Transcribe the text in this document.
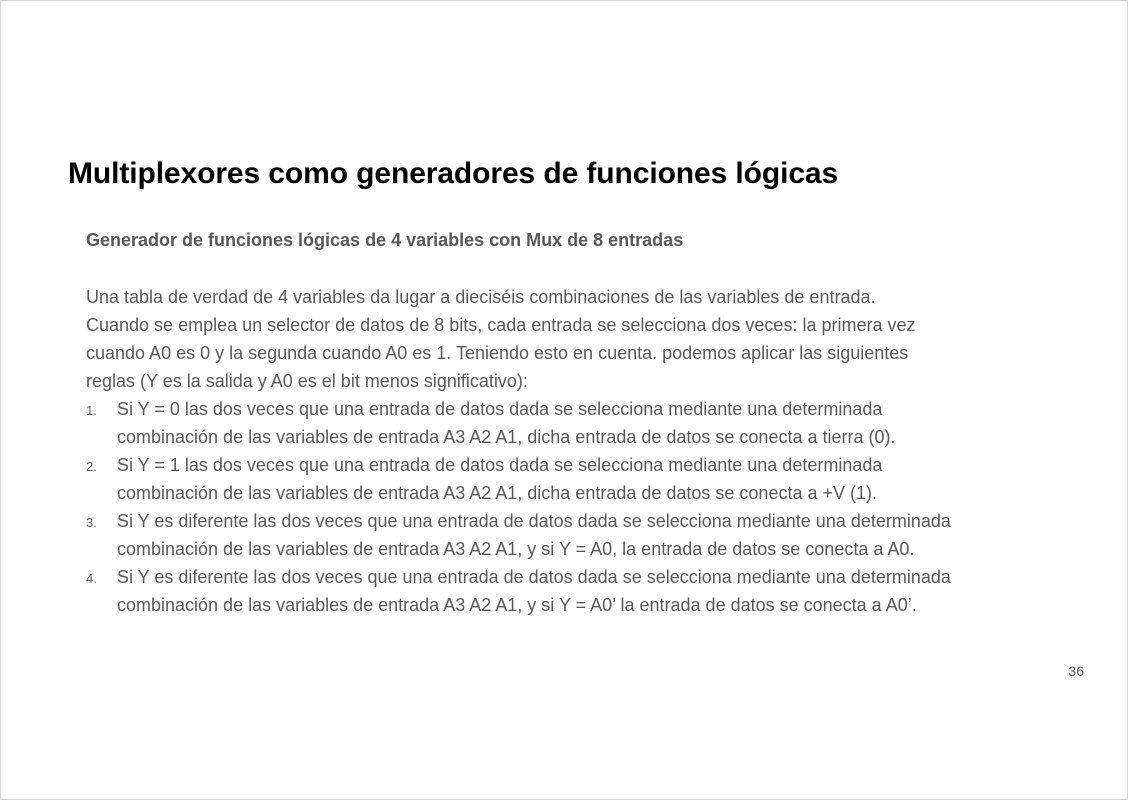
Multiplexores como generadores de funciones lógicas

Generador de funciones lógicas de 4 variables con Mux de 8 entradas

Una tabla de verdad de 4 variables da lugar a dieciséis combinaciones de las variables de entrada.
Cuando se emplea un selector de datos de 8 bits, cada entrada se selecciona dos veces: la primera vez
cuando A0 es 0 y la segunda cuando A0 es 1. Teniendo esto en cuenta. podemos aplicar las siguientes
reglas (Y es la salida y A0 es el bit menos significativo):

1. Si Y = 0 las dos veces que una entrada de datos dada se selecciona mediante una determinada
combinación de las variables de entrada A3 A2 A1, dicha entrada de datos se conecta a tierra (0).
2. Si Y = 1 las dos veces que una entrada de datos dada se selecciona mediante una determinada
combinación de las variables de entrada A3 A2 A1, dicha entrada de datos se conecta a +V (1).
3. Si Y es diferente las dos veces que una entrada de datos dada se selecciona mediante una determinada
combinación de las variables de entrada A3 A2 A1, y si Y = A0, la entrada de datos se conecta a A0.
4. Si Y es diferente las dos veces que una entrada de datos dada se selecciona mediante una determinada
combinación de las variables de entrada A3 A2 A1, y si Y = A0’ la entrada de datos se conecta a A0’.
36
